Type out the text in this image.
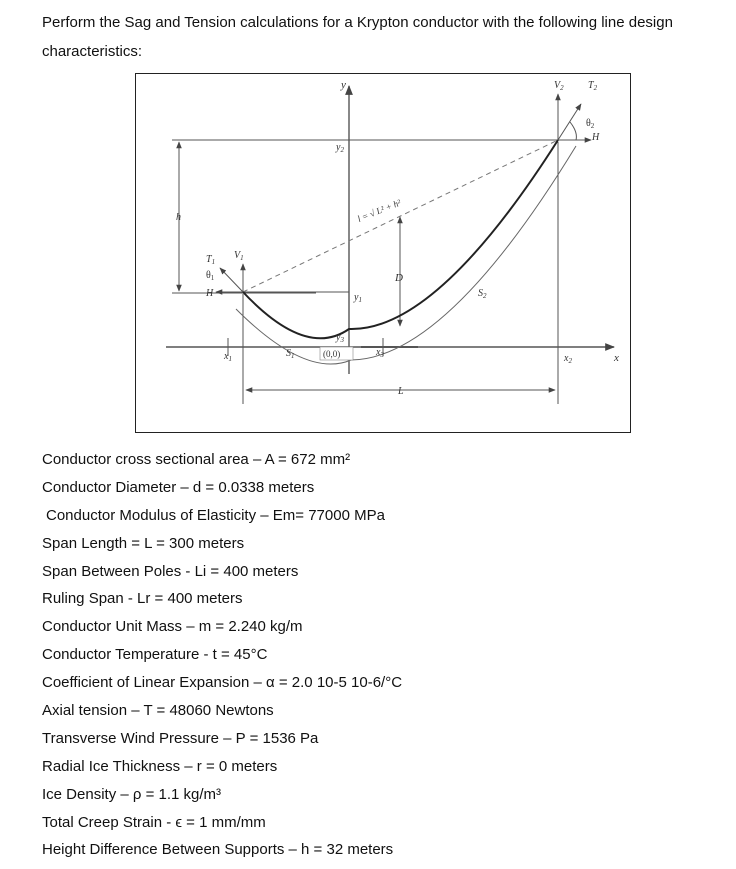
Perform the Sag and Tension calculations for a Krypton conductor with the following line design characteristics:
y
x
$y_2$
$y_1$
$y_3$
h
D
L
$T_1$
$V_1$
$\theta_1$
H
$T_2$
$V_2$
$\theta_2$
H
$S_1$
$S_2$
$x_1$	$x_2$
$x_3$
(0,0)
l = √ L² + h²
Conductor cross sectional area – A = 672 mm²
Conductor Diameter – d = 0.0338 meters
Conductor Modulus of Elasticity – Em= 77000 MPa
Span Length = L = 300 meters
Span Between Poles - Li = 400 meters
Ruling Span - Lr = 400 meters
Conductor Unit Mass – m = 2.240 kg/m
Conductor Temperature - t = 45°C
Coefficient of Linear Expansion – α = 2.0 10-5 10-6/°C
Axial tension – T = 48060 Newtons
Transverse Wind Pressure – P = 1536 Pa
Radial Ice Thickness – r = 0 meters
Ice Density – ρ = 1.1 kg/m³
Total Creep Strain - ϵ = 1 mm/mm
Height Difference Between Supports – h = 32 meters
